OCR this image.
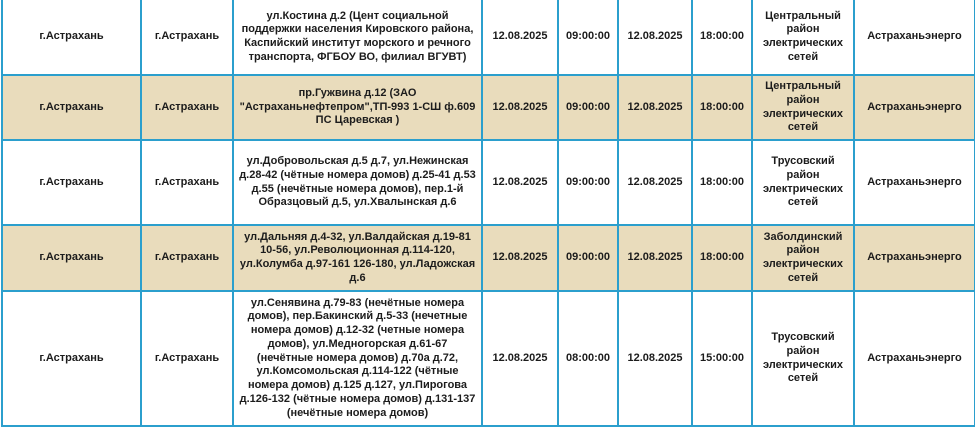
г.Астрахань	г.Астрахань	ул.Костина д.2 (Цент социальной поддержки населения Кировского района, Каспийский институт морского и речного транспорта, ФГБОУ ВО, филиал ВГУВТ)	12.08.2025	09:00:00	12.08.2025	18:00:00	Центральный район электрических сетей	Астраханьэнерго
г.Астрахань	г.Астрахань	пр.Гужвина д.12 (ЗАО "Астраханьнефтепром",ТП-993 1-СШ ф.609 ПС Царевская )	12.08.2025	09:00:00	12.08.2025	18:00:00	Центральный район электрических сетей	Астраханьэнерго
г.Астрахань	г.Астрахань	ул.Добровольская д.5 д.7, ул.Нежинская д.28-42 (чётные номера домов) д.25-41 д.53 д.55 (нечётные номера домов), пер.1-й Образцовый д.5, ул.Хвалынская д.6	12.08.2025	09:00:00	12.08.2025	18:00:00	Трусовский район электрических сетей	Астраханьэнерго
г.Астрахань	г.Астрахань	ул.Дальняя д.4-32, ул.Валдайская д.19-81 10-56, ул.Революционная д.114-120, ул.Колумба д.97-161 126-180, ул.Ладожская д.6	12.08.2025	09:00:00	12.08.2025	18:00:00	Заболдинский район электрических сетей	Астраханьэнерго
г.Астрахань	г.Астрахань	ул.Сенявина д.79-83 (нечётные номера домов), пер.Бакинский д.5-33 (нечетные номера домов) д.12-32 (четные номера домов), ул.Медногорская д.61-67 (нечётные номера домов) д.70а д.72, ул.Комсомольская д.114-122 (чётные номера домов) д.125 д.127, ул.Пирогова д.126-132 (чётные номера домов) д.131-137 (нечётные номера домов)	12.08.2025	08:00:00	12.08.2025	15:00:00	Трусовский район электрических сетей	Астраханьэнерго
